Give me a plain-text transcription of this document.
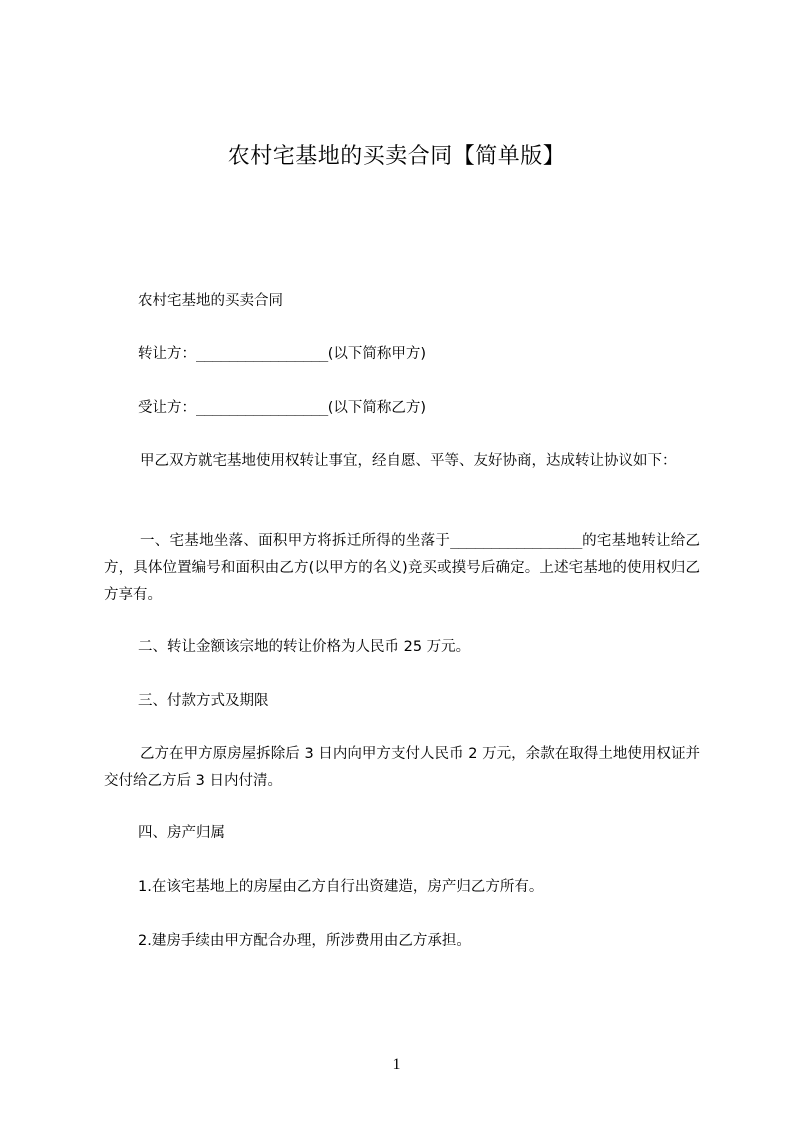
农村宅基地的买卖合同【简单版】

农村宅基地的买卖合同

转让方：________________(以下简称甲方)

受让方：________________(以下简称乙方)

甲乙双方就宅基地使用权转让事宜，经自愿、平等、友好协商，达成转让协议如下：

一、宅基地坐落、面积甲方将拆迁所得的坐落于________________的宅基地转让给乙方，具体位置编号和面积由乙方(以甲方的名义)竞买或摸号后确定。上述宅基地的使用权归乙方享有。

二、转让金额该宗地的转让价格为人民币 25 万元。

三、付款方式及期限

乙方在甲方原房屋拆除后 3 日内向甲方支付人民币 2 万元，余款在取得土地使用权证并交付给乙方后 3 日内付清。

四、房产归属

1.在该宅基地上的房屋由乙方自行出资建造，房产归乙方所有。

2.建房手续由甲方配合办理，所涉费用由乙方承担。

1
